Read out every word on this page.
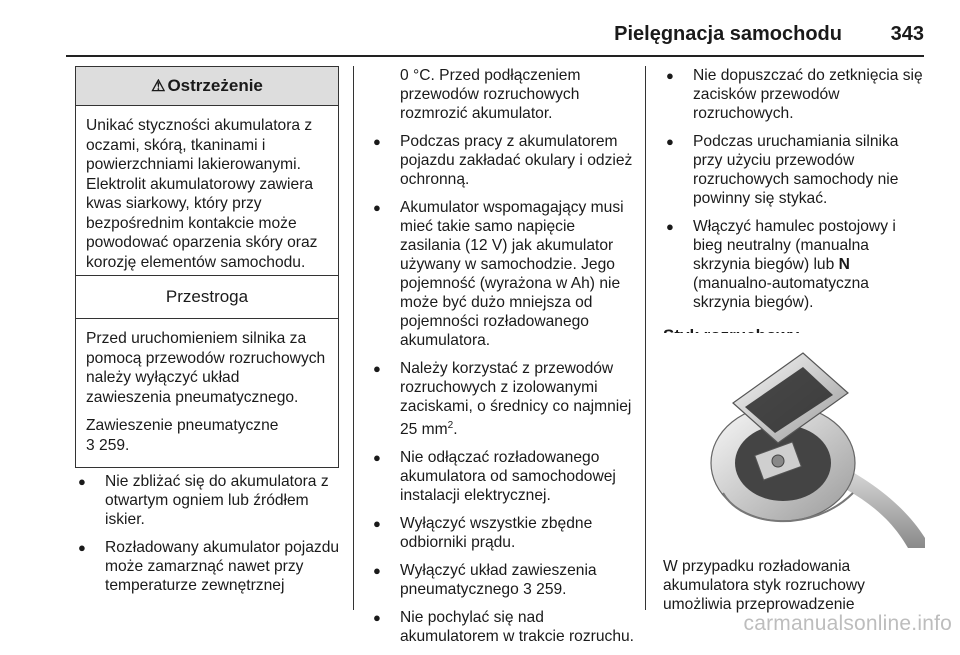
Pielęgnacja samochodu 343
⚠ Ostrzeżenie

Unikać styczności akumulatora z oczami, skórą, tkaninami i powierzchniami lakierowanymi. Elektrolit akumulatorowy zawiera kwas siarkowy, który przy bezpośrednim kontakcie może powodować oparzenia skóry oraz korozję elementów samochodu.

Przestroga

Przed uruchomieniem silnika za pomocą przewodów rozruchowych należy wyłączyć układ zawieszenia pneumatycznego.

Zawieszenie pneumatyczne
3 259.

● Nie zbliżać się do akumulatora z otwartym ogniem lub źródłem iskier.
● Rozładowany akumulator pojazdu może zamarznąć nawet przy temperaturze zewnętrznej
0 °C. Przed podłączeniem przewodów rozruchowych rozmrozić akumulator.
● Podczas pracy z akumulatorem pojazdu zakładać okulary i odzież ochronną.
● Akumulator wspomagający musi mieć takie samo napięcie zasilania (12 V) jak akumulator używany w samochodzie. Jego pojemność (wyrażona w Ah) nie może być dużo mniejsza od pojemności rozładowanego akumulatora.
● Należy korzystać z przewodów rozruchowych z izolowanymi zaciskami, o średnicy co najmniej 25 $mm^2$.
● Nie odłączać rozładowanego akumulatora od samochodowej instalacji elektrycznej.
● Wyłączyć wszystkie zbędne odbiorniki prądu.
● Wyłączyć układ zawieszenia pneumatycznego 3 259.
● Nie pochylać się nad akumulatorem w trakcie rozruchu.
● Nie dopuszczać do zetknięcia się zacisków przewodów rozruchowych.
● Podczas uruchamiania silnika przy użyciu przewodów rozruchowych samochody nie powinny się stykać.
● Włączyć hamulec postojowy i bieg neutralny (manualna skrzynia biegów) lub N
(manualno-automatyczna skrzynia biegów).
W przypadku rozładowania akumulatora styk rozruchowy umożliwia przeprowadzenie
carmanualsonline.info
